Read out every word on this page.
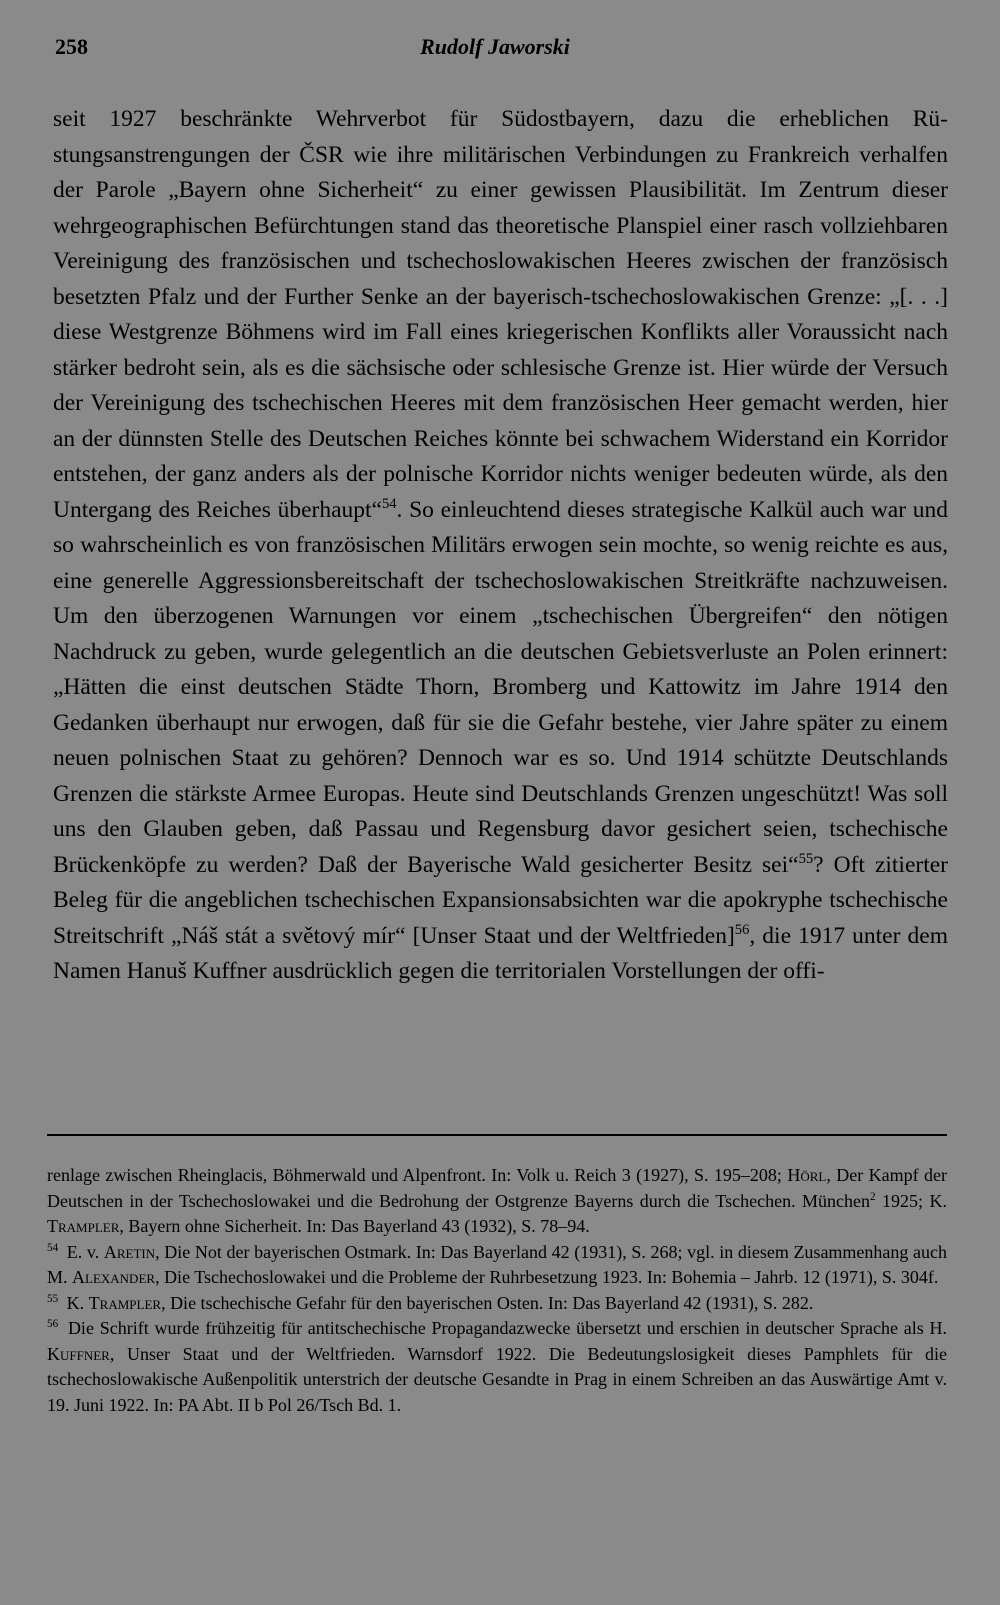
258	Rudolf Jaworski

seit 1927 beschränkte Wehrverbot für Südostbayern, dazu die erheblichen Rüstungsanstrengungen der ČSR wie ihre militärischen Verbindungen zu Frankreich verhalfen der Parole „Bayern ohne Sicherheit“ zu einer gewissen Plausibilität. Im Zentrum dieser wehrgeographischen Befürchtungen stand das theoretische Planspiel einer rasch vollziehbaren Vereinigung des französischen und tschechoslowakischen Heeres zwischen der französisch besetzten Pfalz und der Further Senke an der bayerisch-tschechoslowakischen Grenze: „[. . .] diese Westgrenze Böhmens wird im Fall eines kriegerischen Konflikts aller Voraussicht nach stärker bedroht sein, als es die sächsische oder schlesische Grenze ist. Hier würde der Versuch der Vereinigung des tschechischen Heeres mit dem französischen Heer gemacht werden, hier an der dünnsten Stelle des Deutschen Reiches könnte bei schwachem Widerstand ein Korridor entstehen, der ganz anders als der polnische Korridor nichts weniger bedeuten würde, als den Untergang des Reiches überhaupt“$^{54}$. So einleuchtend dieses strategische Kalkül auch war und so wahrscheinlich es von französischen Militärs erwogen sein mochte, so wenig reichte es aus, eine generelle Aggressionsbereitschaft der tschechoslowakischen Streitkräfte nachzuweisen. Um den überzogenen Warnungen vor einem „tschechischen Übergreifen“ den nötigen Nachdruck zu geben, wurde gelegentlich an die deutschen Gebietsverluste an Polen erinnert: „Hätten die einst deutschen Städte Thorn, Bromberg und Kattowitz im Jahre 1914 den Gedanken überhaupt nur erwogen, daß für sie die Gefahr bestehe, vier Jahre später zu einem neuen polnischen Staat zu gehören? Dennoch war es so. Und 1914 schützte Deutschlands Grenzen die stärkste Armee Europas. Heute sind Deutschlands Grenzen ungeschützt! Was soll uns den Glauben geben, daß Passau und Regensburg davor gesichert seien, tschechische Brückenköpfe zu werden? Daß der Bayerische Wald gesicherter Besitz sei“$^{55}$? Oft zitierter Beleg für die angeblichen tschechischen Expansionsabsichten war die apokryphe tschechische Streitschrift „Náš stát a světový mír“ [Unser Staat und der Weltfrieden]$^{56}$, die 1917 unter dem Namen Hanuš Kuffner ausdrücklich gegen die territorialen Vorstellungen der offi-

renlage zwischen Rheinglacis, Böhmerwald und Alpenfront. In: Volk u. Reich 3 (1927), S. 195–208; Hörl, Der Kampf der Deutschen in der Tschechoslowakei und die Bedrohung der Ostgrenze Bayerns durch die Tschechen. München$^2$ 1925; K. Trampler, Bayern ohne Sicherheit. In: Das Bayerland 43 (1932), S. 78–94.

$^{54}$ E. v. Aretin, Die Not der bayerischen Ostmark. In: Das Bayerland 42 (1931), S. 268; vgl. in diesem Zusammenhang auch M. Alexander, Die Tschechoslowakei und die Probleme der Ruhrbesetzung 1923. In: Bohemia – Jahrb. 12 (1971), S. 304f.

$^{55}$ K. Trampler, Die tschechische Gefahr für den bayerischen Osten. In: Das Bayerland 42 (1931), S. 282.

$^{56}$ Die Schrift wurde frühzeitig für antitschechische Propagandazwecke übersetzt und erschien in deutscher Sprache als H. Kuffner, Unser Staat und der Weltfrieden. Warnsdorf 1922. Die Bedeutungslosigkeit dieses Pamphlets für die tschechoslowakische Außenpolitik unterstrich der deutsche Gesandte in Prag in einem Schreiben an das Auswärtige Amt v. 19. Juni 1922. In: PA Abt. II b Pol 26/Tsch Bd. 1.
